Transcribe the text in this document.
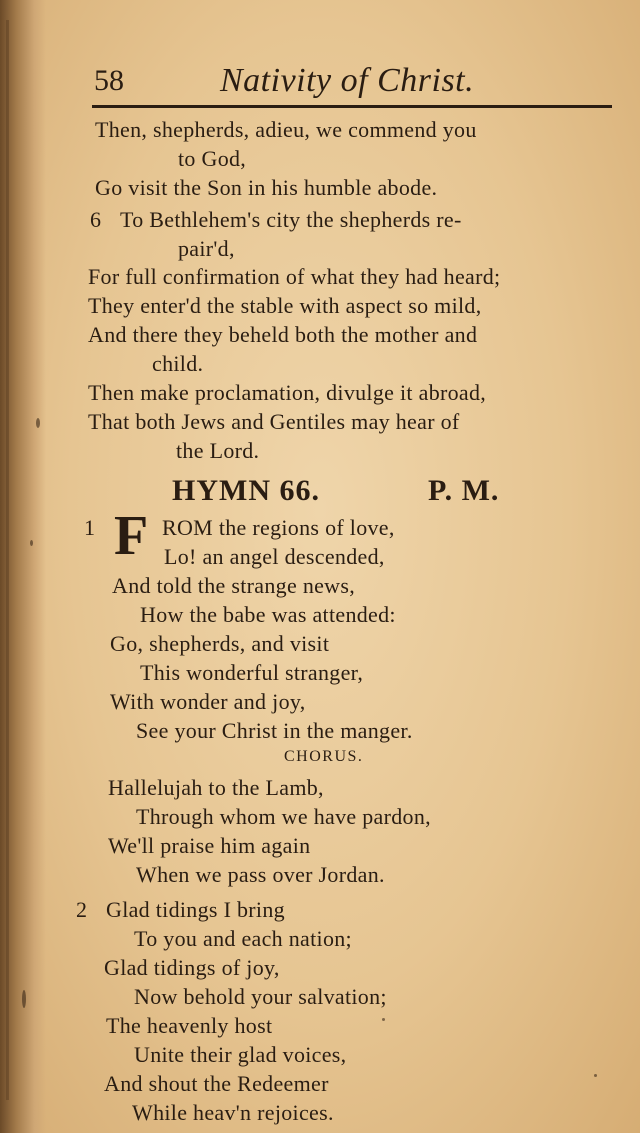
58	Nativity of Christ.
Then, shepherds, adieu, we commend you
to God,
Go visit the Son in his humble abode.
6 To Bethlehem's city the shepherds re-
pair'd,
For full confirmation of what they had heard;
They enter'd the stable with aspect so mild,
And there they beheld both the mother and
child.
Then make proclamation, divulge it abroad,
That both Jews and Gentiles may hear of
the Lord.
HYMN 66.	P. M.
1 F ROM the regions of love,
Lo! an angel descended,
And told the strange news,
How the babe was attended:
Go, shepherds, and visit
This wonderful stranger,
With wonder and joy,
See your Christ in the manger.
CHORUS.
Hallelujah to the Lamb,
Through whom we have pardon,
We'll praise him again
When we pass over Jordan.
2 Glad tidings I bring
To you and each nation;
Glad tidings of joy,
Now behold your salvation;
The heavenly host
Unite their glad voices,
And shout the Redeemer
While heav'n rejoices.
